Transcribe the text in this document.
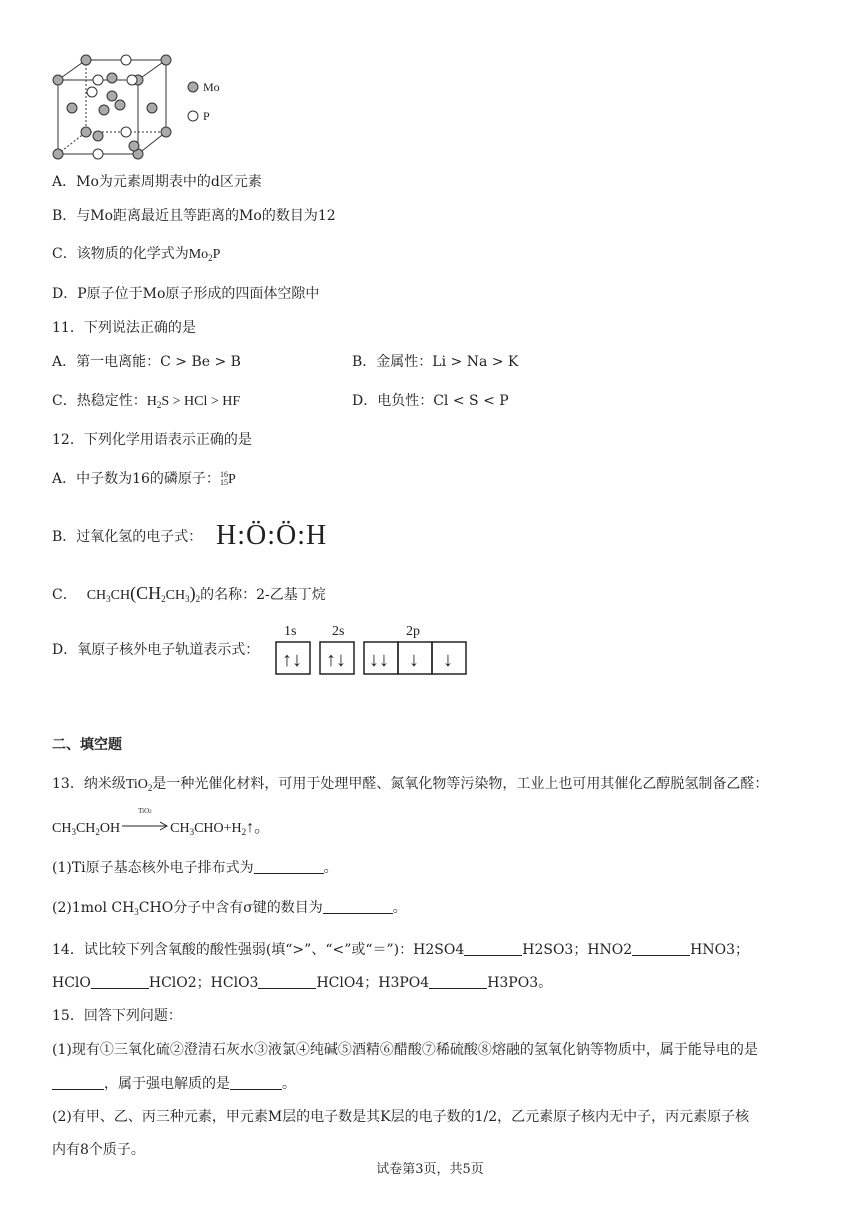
Mo
P
A．Mo为元素周期表中的d区元素
B．与Mo距离最近且等距离的Mo的数目为12
C．该物质的化学式为$Mo_2P$
D．P原子位于Mo原子形成的四面体空隙中
11．下列说法正确的是
A．第一电离能：C > Be > B	B．金属性：Li > Na > K
C．热稳定性：$H_2S$ > HCl > HF	D．电负性：Cl < S < P
12．下列化学用语表示正确的是
A．中子数为16的磷原子：16
15P
B．过氧化氢的电子式： H:Ö:Ö:H
C． $CH_3CH(CH_2CH_3)_2$的名称：2-乙基丁烷
D．氧原子核外电子轨道表示式：
1s	2s	2p
↑↓ ↑↓ ↓↓ ↓ ↓
二、填空题
13．纳米级TiO$_2$是一种光催化材料，可用于处理甲醛、氮氧化物等污染物，工业上也可用其催化乙醇脱氢制备乙醛：
$CH_3CH_2OH$
TiO2
$CH_3CHO+H_2↑$。
(1)Ti原子基态核外电子排布式为	。
(2)1mol $CH_3CHO$分子中含有σ键的数目为	。
14．试比较下列含氧酸的酸性强弱(填“>”、“<”或“＝”)：H2SO4	H2SO3；HNO2	HNO3；
HClO	HClO2；HClO3	HClO4；H3PO4	H3PO3。
15．回答下列问题：
(1)现有①三氧化硫②澄清石灰水③液氯④纯碱⑤酒精⑥醋酸⑦稀硫酸⑧熔融的氢氧化钠等物质中，属于能导电的是
，属于强电解质的是	。
(2)有甲、乙、丙三种元素，甲元素M层的电子数是其K层的电子数的1/2，乙元素原子核内无中子，丙元素原子核
内有8个质子。
试卷第3页，共5页
